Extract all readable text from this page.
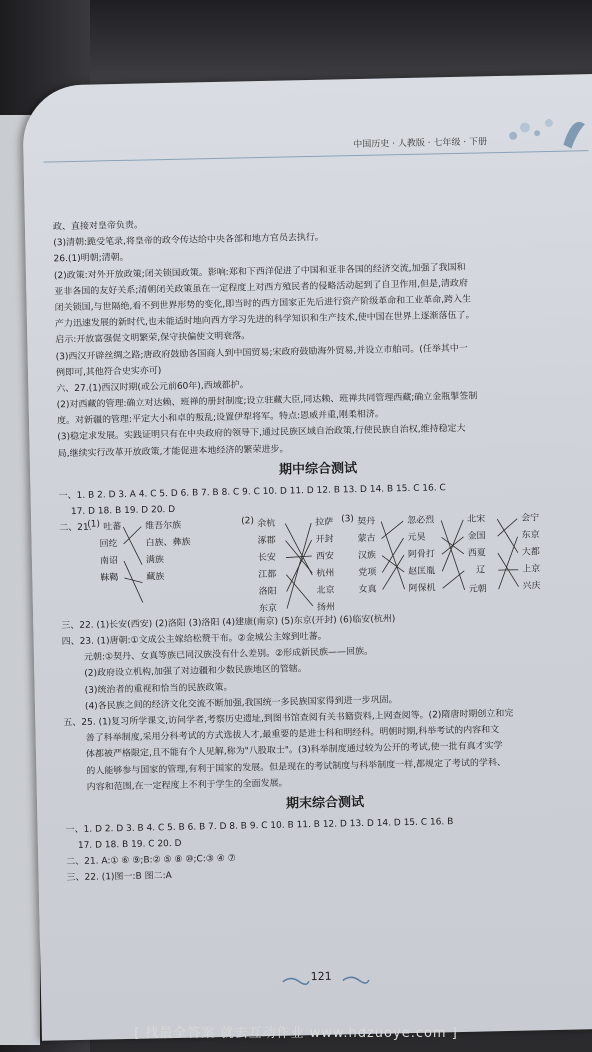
中国历史 · 人教版 · 七年级 · 下册
政、直接对皇帝负责。
(3)清朝:跪受笔录,将皇帝的政令传达给中央各部和地方官员去执行。
26.(1)明朝;清朝。
(2)政策:对外开放政策;闭关锁国政策。影响:郑和下西洋促进了中国和亚非各国的经济交流,加强了我国和
亚非各国的友好关系;清朝闭关政策虽在一定程度上对西方殖民者的侵略活动起到了自卫作用,但是,清政府
闭关锁国,与世隔绝,看不到世界形势的变化,即当时的西方国家正先后进行资产阶级革命和工业革命,跨入生
产力迅速发展的新时代,也未能适时地向西方学习先进的科学知识和生产技术,使中国在世界上逐渐落伍了。
启示:开放富强促文明繁荣,保守抉偏使文明衰落。
(3)西汉开辟丝绸之路;唐政府鼓励各国商人到中国贸易;宋政府鼓励海外贸易,并设立市舶司。(任举其中一
例即可,其他符合史实亦可)
六、27.(1)西汉时期(或公元前60年),西域都护。
(2)对西藏的管理:确立对达赖、班禅的册封制度;设立驻藏大臣,同达赖、班禅共同管理西藏;确立金瓶掣签制
度。对新疆的管理:平定大小和卓的叛乱;设置伊犁将军。特点:恩威并重,刚柔相济。
(3)稳定求发展。实践证明只有在中央政府的领导下,通过民族区域自治政策,行使民族自治权,维持稳定大
局,继续实行改革开放政策,才能促进本地经济的繁荣进步。
期中综合测试
一、1. B 2. D 3. A 4. C 5. D 6. B 7. B 8. C 9. C 10. D 11. D 12. B 13. D 14. B 15. C 16. C
17. D 18. B 19. D 20. D
二、21.
(1) 吐蕃
回纥
南诏
靺鞨
维吾尔族
白族、彝族
满族
藏族
(2) 余杭
涿郡
长安
江都
洛阳
东京
拉萨
开封
西安
杭州
北京
扬州
(3) 契丹
蒙古
汉族
党项
女真
忽必烈
元昊
阿骨打
赵匡胤
阿保机
北宋
金国
西夏
辽
元朝
会宁
东京
大都
上京
兴庆
三、22. (1)长安(西安) (2)洛阳 (3)洛阳 (4)建康(南京) (5)东京(开封) (6)临安(杭州)
四、23. (1)唐朝:①文成公主嫁给松赞干布。②金城公主嫁到吐蕃。
元朝:①契丹、女真等族已同汉族没有什么差别。②形成新民族——回族。
(2)政府设立机构,加强了对边疆和少数民族地区的管辖。
(3)统治者的重视和恰当的民族政策。
(4)各民族之间的经济文化交流不断加强,我国统一多民族国家得到进一步巩固。
五、25. (1)复习所学课文,访问学者,考察历史遗址,到图书馆查阅有关书籍资料,上网查阅等。(2)隋唐时期创立和完
善了科举制度,采用分科考试的方式选拔人才,最重要的是进士科和明经科。明朝时期,科举考试的内容和文
体都被严格限定,且不能有个人见解,称为"八股取士"。(3)科举制度通过较为公开的考试,使一批有真才实学
的人能够参与国家的管理,有利于国家的发展。但是现在的考试制度与科举制度一样,都规定了考试的学科、
内容和范围,在一定程度上不利于学生的全面发展。
期末综合测试
一、1. D 2. D 3. B 4. C 5. B 6. B 7. D 8. B 9. C 10. B 11. B 12. D 13. D 14. D 15. C 16. B
17. D 18. B 19. C 20. D
二、21. A:① ⑥ ⑨;B:② ⑤ ⑧ ⑩;C:③ ④ ⑦
三、22. (1)图一:B 图二:A
121
[ 找最全答案 就去互动作业 www.hdzuoye.com ]
